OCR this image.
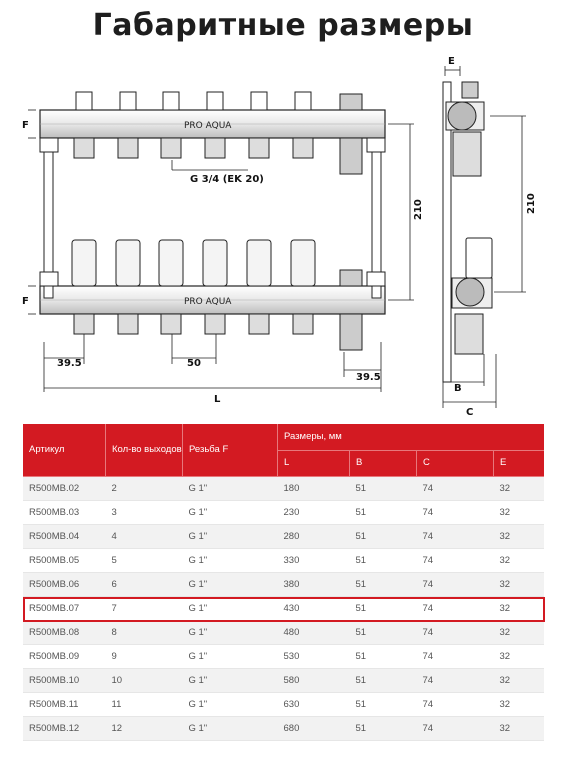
Габаритные размеры
PRO AQUA
PRO AQUA
G 3/4 (EK 20)
F
F
210
39.5	50
39.5
L
E
210
B
C
Артикул	Кол-во выходов	Резьба F	Размеры, мм			
			L	B	C	E
R500MB.02	2	G 1"	180	51	74	32
R500MB.03	3	G 1"	230	51	74	32
R500MB.04	4	G 1"	280	51	74	32
R500MB.05	5	G 1"	330	51	74	32
R500MB.06	6	G 1"	380	51	74	32
R500MB.07	7	G 1"	430	51	74	32
R500MB.08	8	G 1"	480	51	74	32
R500MB.09	9	G 1"	530	51	74	32
R500MB.10	10	G 1"	580	51	74	32
R500MB.11	11	G 1"	630	51	74	32
R500MB.12	12	G 1"	680	51	74	32
